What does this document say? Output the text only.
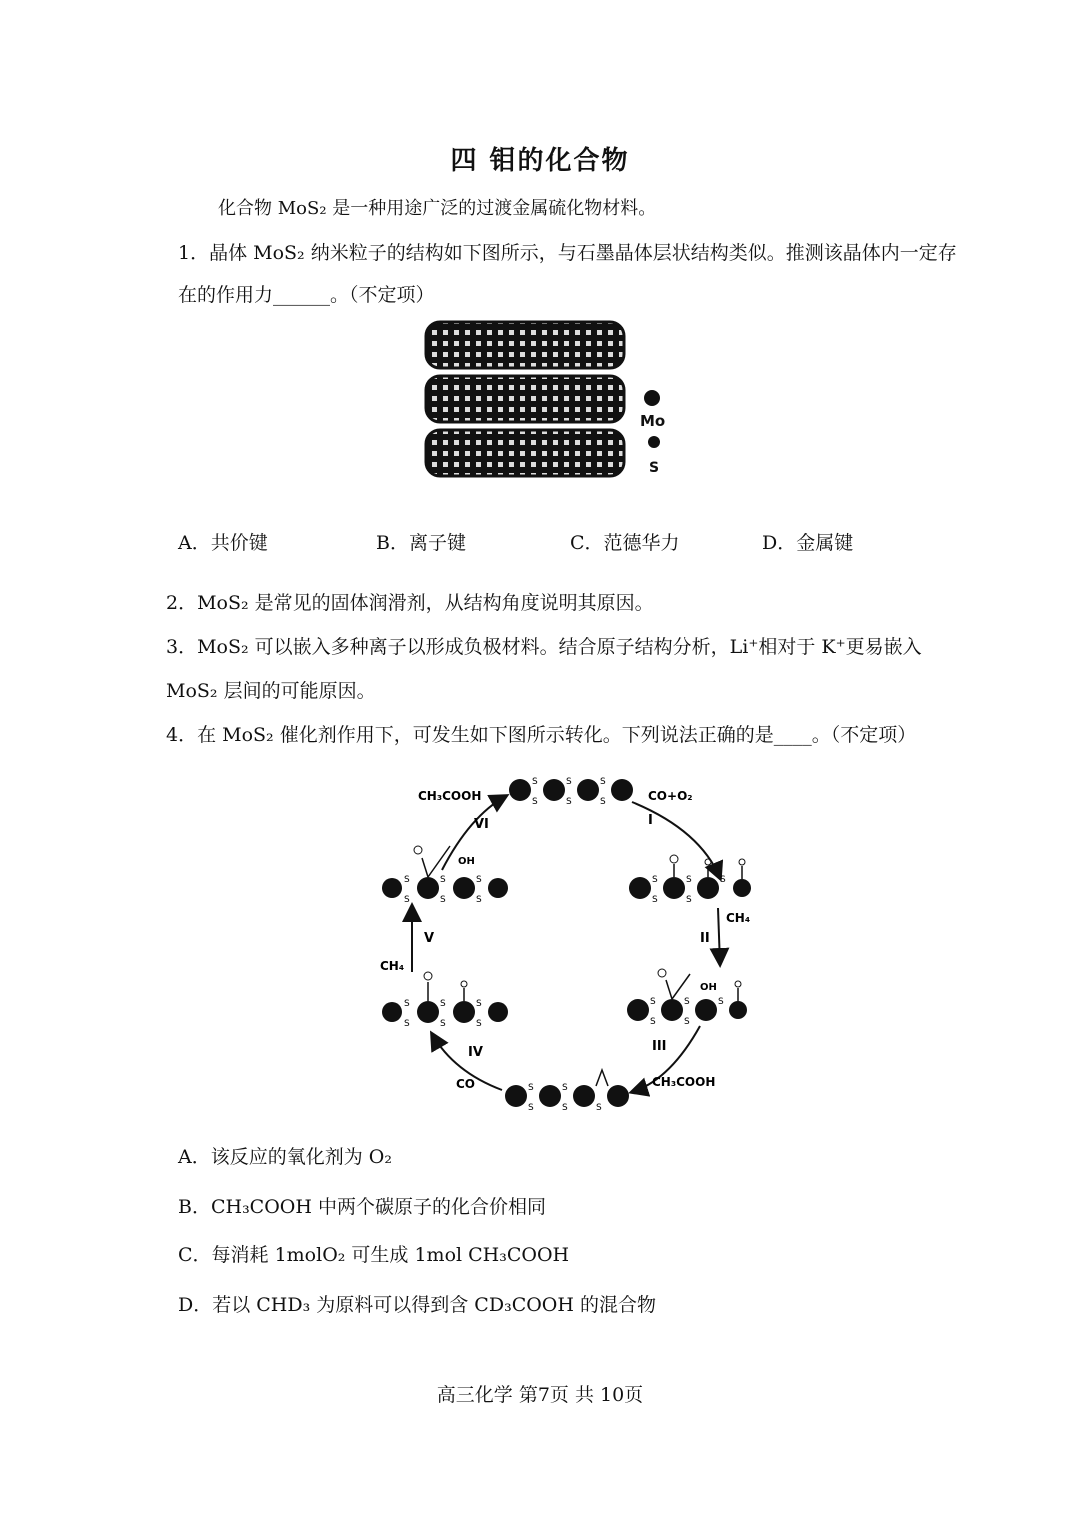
四 钼的化合物
化合物 MoS₂ 是一种用途广泛的过渡金属硫化物材料。
1．晶体 MoS₂ 纳米粒子的结构如下图所示，与石墨晶体层状结构类似。推测该晶体内一定存
在的作用力______。（不定项）
Mo
S
A．共价键	B．离子键	C．范德华力	D．金属键
2．MoS₂ 是常见的固体润滑剂，从结构角度说明其原因。
3．MoS₂ 可以嵌入多种离子以形成负极材料。结合原子结构分析，Li⁺相对于 K⁺更易嵌入
MoS₂ 层间的可能原因。
4．在 MoS₂ 催化剂作用下，可发生如下图所示转化。下列说法正确的是____。（不定项）
I
CO+O₂
II
CH₄
III
CH₃COOH
IV
CO
V
CH₄
VI
CH₃COOH
S
S
S
S
S
S
S
S
S
S
S
OH
S
S
S
S
S
S
S
S
S	S
S
S
S
S
S
S
OH
S
S
S
S
S
S
A．该反应的氧化剂为 O₂
B．CH₃COOH 中两个碳原子的化合价相同
C．每消耗 1molO₂ 可生成 1mol CH₃COOH
D．若以 CHD₃ 为原料可以得到含 CD₃COOH 的混合物
高三化学 第7页 共 10页
